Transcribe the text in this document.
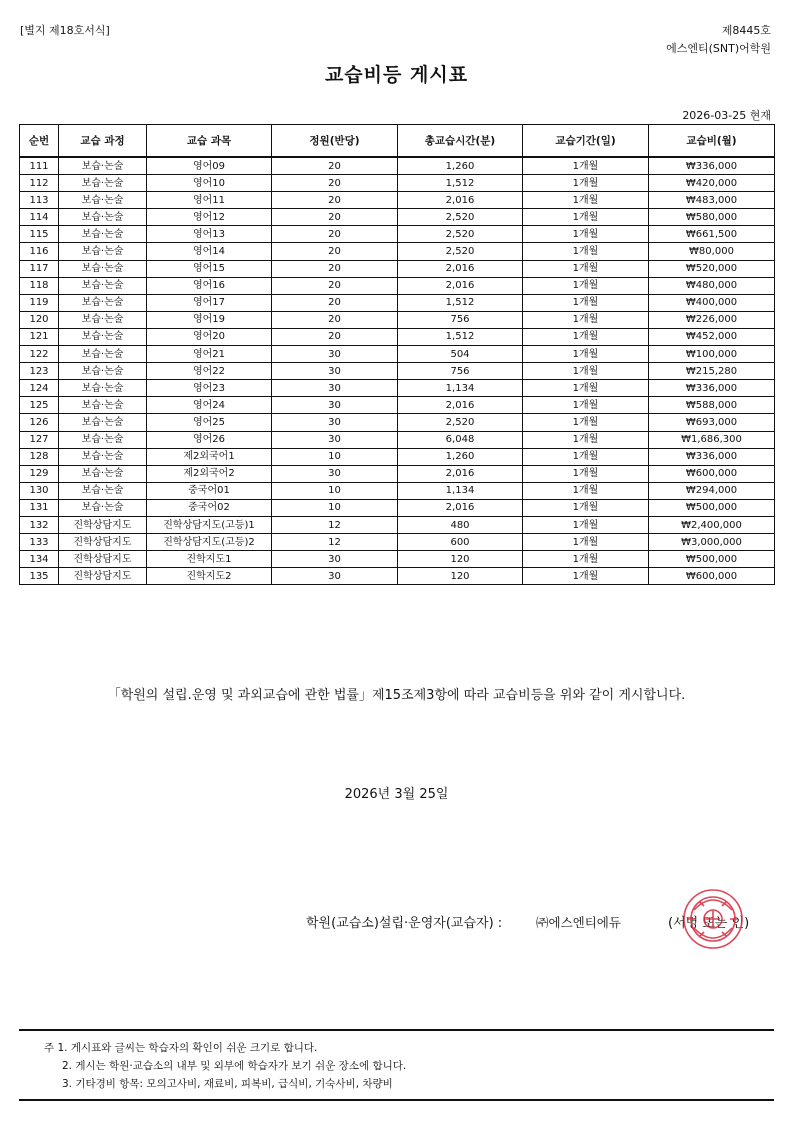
[별지 제18호서식]	제8445호
에스엔티(SNT)어학원
교습비등 게시표
2026-03-25 현재
순번	교습 과정	교습 과목	정원(반당)	총교습시간(분)	교습기간(일)	교습비(월)
111	보습·논술	영어09	20	1,260	1개월	₩336,000
112	보습·논술	영어10	20	1,512	1개월	₩420,000
113	보습·논술	영어11	20	2,016	1개월	₩483,000
114	보습·논술	영어12	20	2,520	1개월	₩580,000
115	보습·논술	영어13	20	2,520	1개월	₩661,500
116	보습·논술	영어14	20	2,520	1개월	₩80,000
117	보습·논술	영어15	20	2,016	1개월	₩520,000
118	보습·논술	영어16	20	2,016	1개월	₩480,000
119	보습·논술	영어17	20	1,512	1개월	₩400,000
120	보습·논술	영어19	20	756	1개월	₩226,000
121	보습·논술	영어20	20	1,512	1개월	₩452,000
122	보습·논술	영어21	30	504	1개월	₩100,000
123	보습·논술	영어22	30	756	1개월	₩215,280
124	보습·논술	영어23	30	1,134	1개월	₩336,000
125	보습·논술	영어24	30	2,016	1개월	₩588,000
126	보습·논술	영어25	30	2,520	1개월	₩693,000
127	보습·논술	영어26	30	6,048	1개월	₩1,686,300
128	보습·논술	제2외국어1	10	1,260	1개월	₩336,000
129	보습·논술	제2외국어2	30	2,016	1개월	₩600,000
130	보습·논술	중국어01	10	1,134	1개월	₩294,000
131	보습·논술	중국어02	10	2,016	1개월	₩500,000
132	진학상담지도	진학상담지도(고등)1	12	480	1개월	₩2,400,000
133	진학상담지도	진학상담지도(고등)2	12	600	1개월	₩3,000,000
134	진학상담지도	진학지도1	30	120	1개월	₩500,000
135	진학상담지도	진학지도2	30	120	1개월	₩600,000
「학원의 설립.운영 및 과외교습에 관한 법률」제15조제3항에 따라 교습비등을 위와 같이 게시합니다.
2026년 3월 25일
학원(교습소)설립·운영자(교습자) :	㈜에스엔티에듀	(서명 또는 인)
주 1. 게시표와 글씨는 학습자의 확인이 쉬운 크기로 합니다.
2. 게시는 학원·교습소의 내부 및 외부에 학습자가 보기 쉬운 장소에 합니다.
3. 기타경비 항목: 모의고사비, 재료비, 피복비, 급식비, 기숙사비, 차량비
